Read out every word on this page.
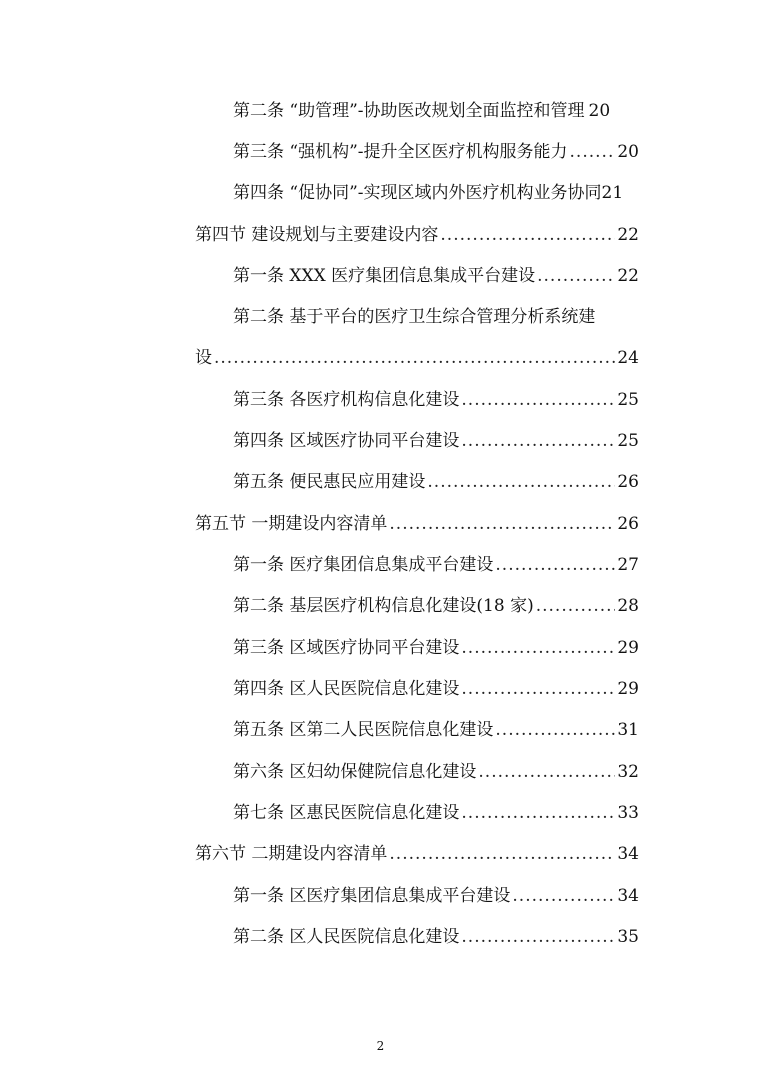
第二条 “助管理”-协助医改规划全面监控和管理 20
第三条 “强机构”-提升全区医疗机构服务能力 .....	20
第四条 “促协同”-实现区域内外医疗机构业务协同 21
第四节 建设规划与主要建设内容 .....	22
第一条 XXX 医疗集团信息集成平台建设 .....	22
第二条 基于平台的医疗卫生综合管理分析系统建
设 .....	24
第三条 各医疗机构信息化建设 .....	25
第四条 区域医疗协同平台建设 .....	25
第五条 便民惠民应用建设 .....	26
第五节 一期建设内容清单 .....	26
第一条 医疗集团信息集成平台建设 .....	27
第二条 基层医疗机构信息化建设(18 家) .....	28
第三条 区域医疗协同平台建设 .....	29
第四条 区人民医院信息化建设 .....	29
第五条 区第二人民医院信息化建设 .....	31
第六条 区妇幼保健院信息化建设 .....	32
第七条 区惠民医院信息化建设 .....	33
第六节 二期建设内容清单 .....	34
第一条 区医疗集团信息集成平台建设 .....	34
第二条 区人民医院信息化建设 .....	35
2
